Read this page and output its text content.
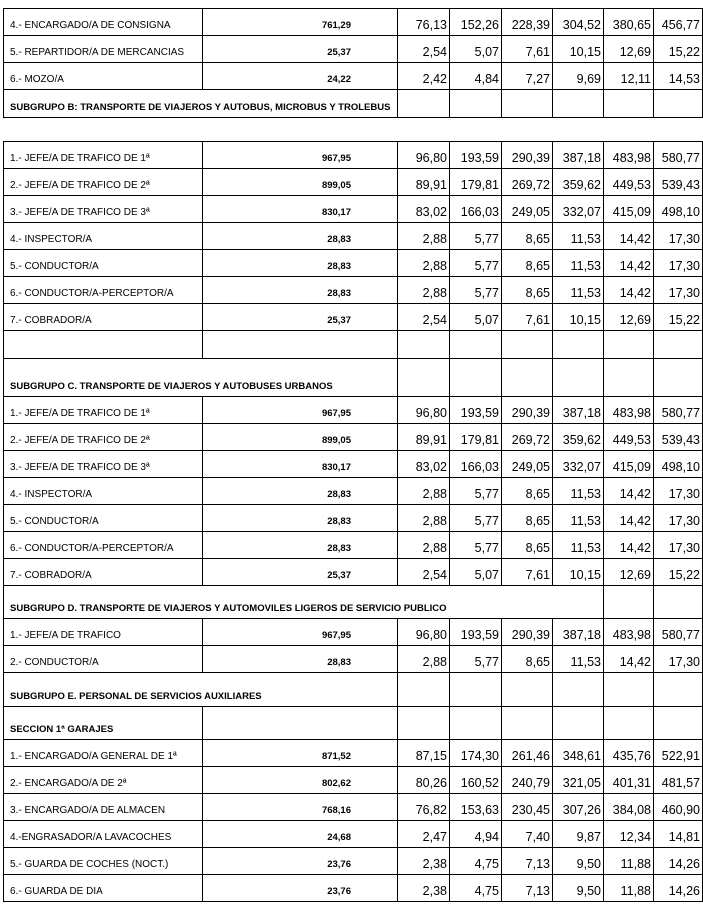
4.- ENCARGADO/A DE CONSIGNA	761,29	76,13	152,26	228,39	304,52	380,65	456,77
5.- REPARTIDOR/A DE MERCANCIAS	25,37	2,54	5,07	7,61	10,15	12,69	15,22
6.- MOZO/A	24,22	2,42	4,84	7,27	9,69	12,11	14,53
SUBGRUPO B: TRANSPORTE DE VIAJEROS Y AUTOBUS, MICROBUS Y TROLEBUS							
1.- JEFE/A DE TRAFICO DE 1ª	967,95	96,80	193,59	290,39	387,18	483,98	580,77
2.- JEFE/A DE TRAFICO DE 2ª	899,05	89,91	179,81	269,72	359,62	449,53	539,43
3.- JEFE/A DE TRAFICO DE 3ª	830,17	83,02	166,03	249,05	332,07	415,09	498,10
4.- INSPECTOR/A	28,83	2,88	5,77	8,65	11,53	14,42	17,30
5.- CONDUCTOR/A	28,83	2,88	5,77	8,65	11,53	14,42	17,30
6.- CONDUCTOR/A-PERCEPTOR/A	28,83	2,88	5,77	8,65	11,53	14,42	17,30
7.- COBRADOR/A	25,37	2,54	5,07	7,61	10,15	12,69	15,22

SUBGRUPO C. TRANSPORTE DE VIAJEROS Y AUTOBUSES URBANOS							
1.- JEFE/A DE TRAFICO DE 1ª	967,95	96,80	193,59	290,39	387,18	483,98	580,77
2.- JEFE/A DE TRAFICO DE 2ª	899,05	89,91	179,81	269,72	359,62	449,53	539,43
3.- JEFE/A DE TRAFICO DE 3ª	830,17	83,02	166,03	249,05	332,07	415,09	498,10
4.- INSPECTOR/A	28,83	2,88	5,77	8,65	11,53	14,42	17,30
5.- CONDUCTOR/A	28,83	2,88	5,77	8,65	11,53	14,42	17,30
6.- CONDUCTOR/A-PERCEPTOR/A	28,83	2,88	5,77	8,65	11,53	14,42	17,30
7.- COBRADOR/A	25,37	2,54	5,07	7,61	10,15	12,69	15,22
SUBGRUPO D. TRANSPORTE DE VIAJEROS Y AUTOMOVILES LIGEROS DE SERVICIO PUBLICO							
1.- JEFE/A DE TRAFICO	967,95	96,80	193,59	290,39	387,18	483,98	580,77
2.- CONDUCTOR/A	28,83	2,88	5,77	8,65	11,53	14,42	17,30
SUBGRUPO E. PERSONAL DE SERVICIOS AUXILIARES							
SECCION 1ª GARAJES							
1.- ENCARGADO/A GENERAL DE 1ª	871,52	87,15	174,30	261,46	348,61	435,76	522,91
2.- ENCARGADO/A DE 2ª	802,62	80,26	160,52	240,79	321,05	401,31	481,57
3.- ENCARGADO/A DE ALMACEN	768,16	76,82	153,63	230,45	307,26	384,08	460,90
4.-ENGRASADOR/A LAVACOCHES	24,68	2,47	4,94	7,40	9,87	12,34	14,81
5.- GUARDA DE COCHES (NOCT.)	23,76	2,38	4,75	7,13	9,50	11,88	14,26
6.- GUARDA DE DIA	23,76	2,38	4,75	7,13	9,50	11,88	14,26
